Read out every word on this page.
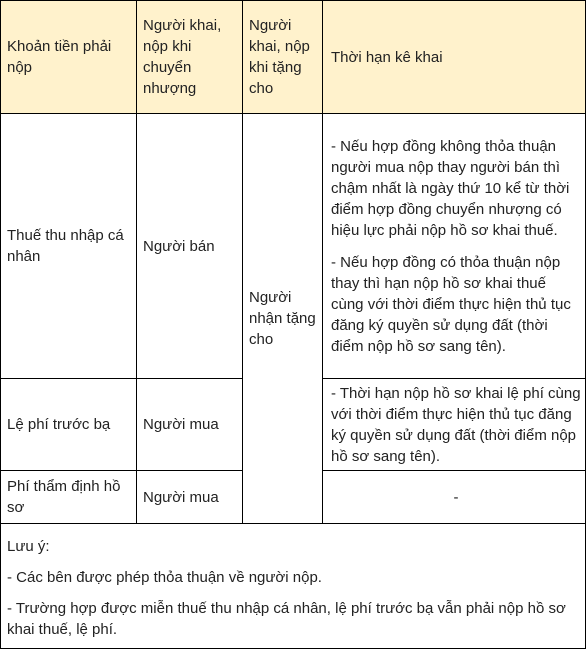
Khoản tiền phải nộp	Người khai, nộp khi chuyển nhượng	Người khai, nộp khi tặng cho	Thời hạn kê khai
Thuế thu nhập cá nhân	Người bán	Người nhận tặng cho	- Nếu hợp đồng không thỏa thuận người mua nộp thay người bán thì chậm nhất là ngày thứ 10 kể từ thời điểm hợp đồng chuyển nhượng có hiệu lực phải nộp hồ sơ khai thuế.

- Nếu hợp đồng có thỏa thuận nộp thay thì hạn nộp hồ sơ khai thuế cùng với thời điểm thực hiện thủ tục đăng ký quyền sử dụng đất (thời điểm nộp hồ sơ sang tên).

Lệ phí trước bạ	Người mua		- Thời hạn nộp hồ sơ khai lệ phí cùng với thời điểm thực hiện thủ tục đăng ký quyền sử dụng đất (thời điểm nộp hồ sơ sang tên).

Phí thẩm định hồ sơ	Người mua		-

Lưu ý:

- Các bên được phép thỏa thuận về người nộp.

- Trường hợp được miễn thuế thu nhập cá nhân, lệ phí trước bạ vẫn phải nộp hồ sơ khai thuế, lệ phí.			
